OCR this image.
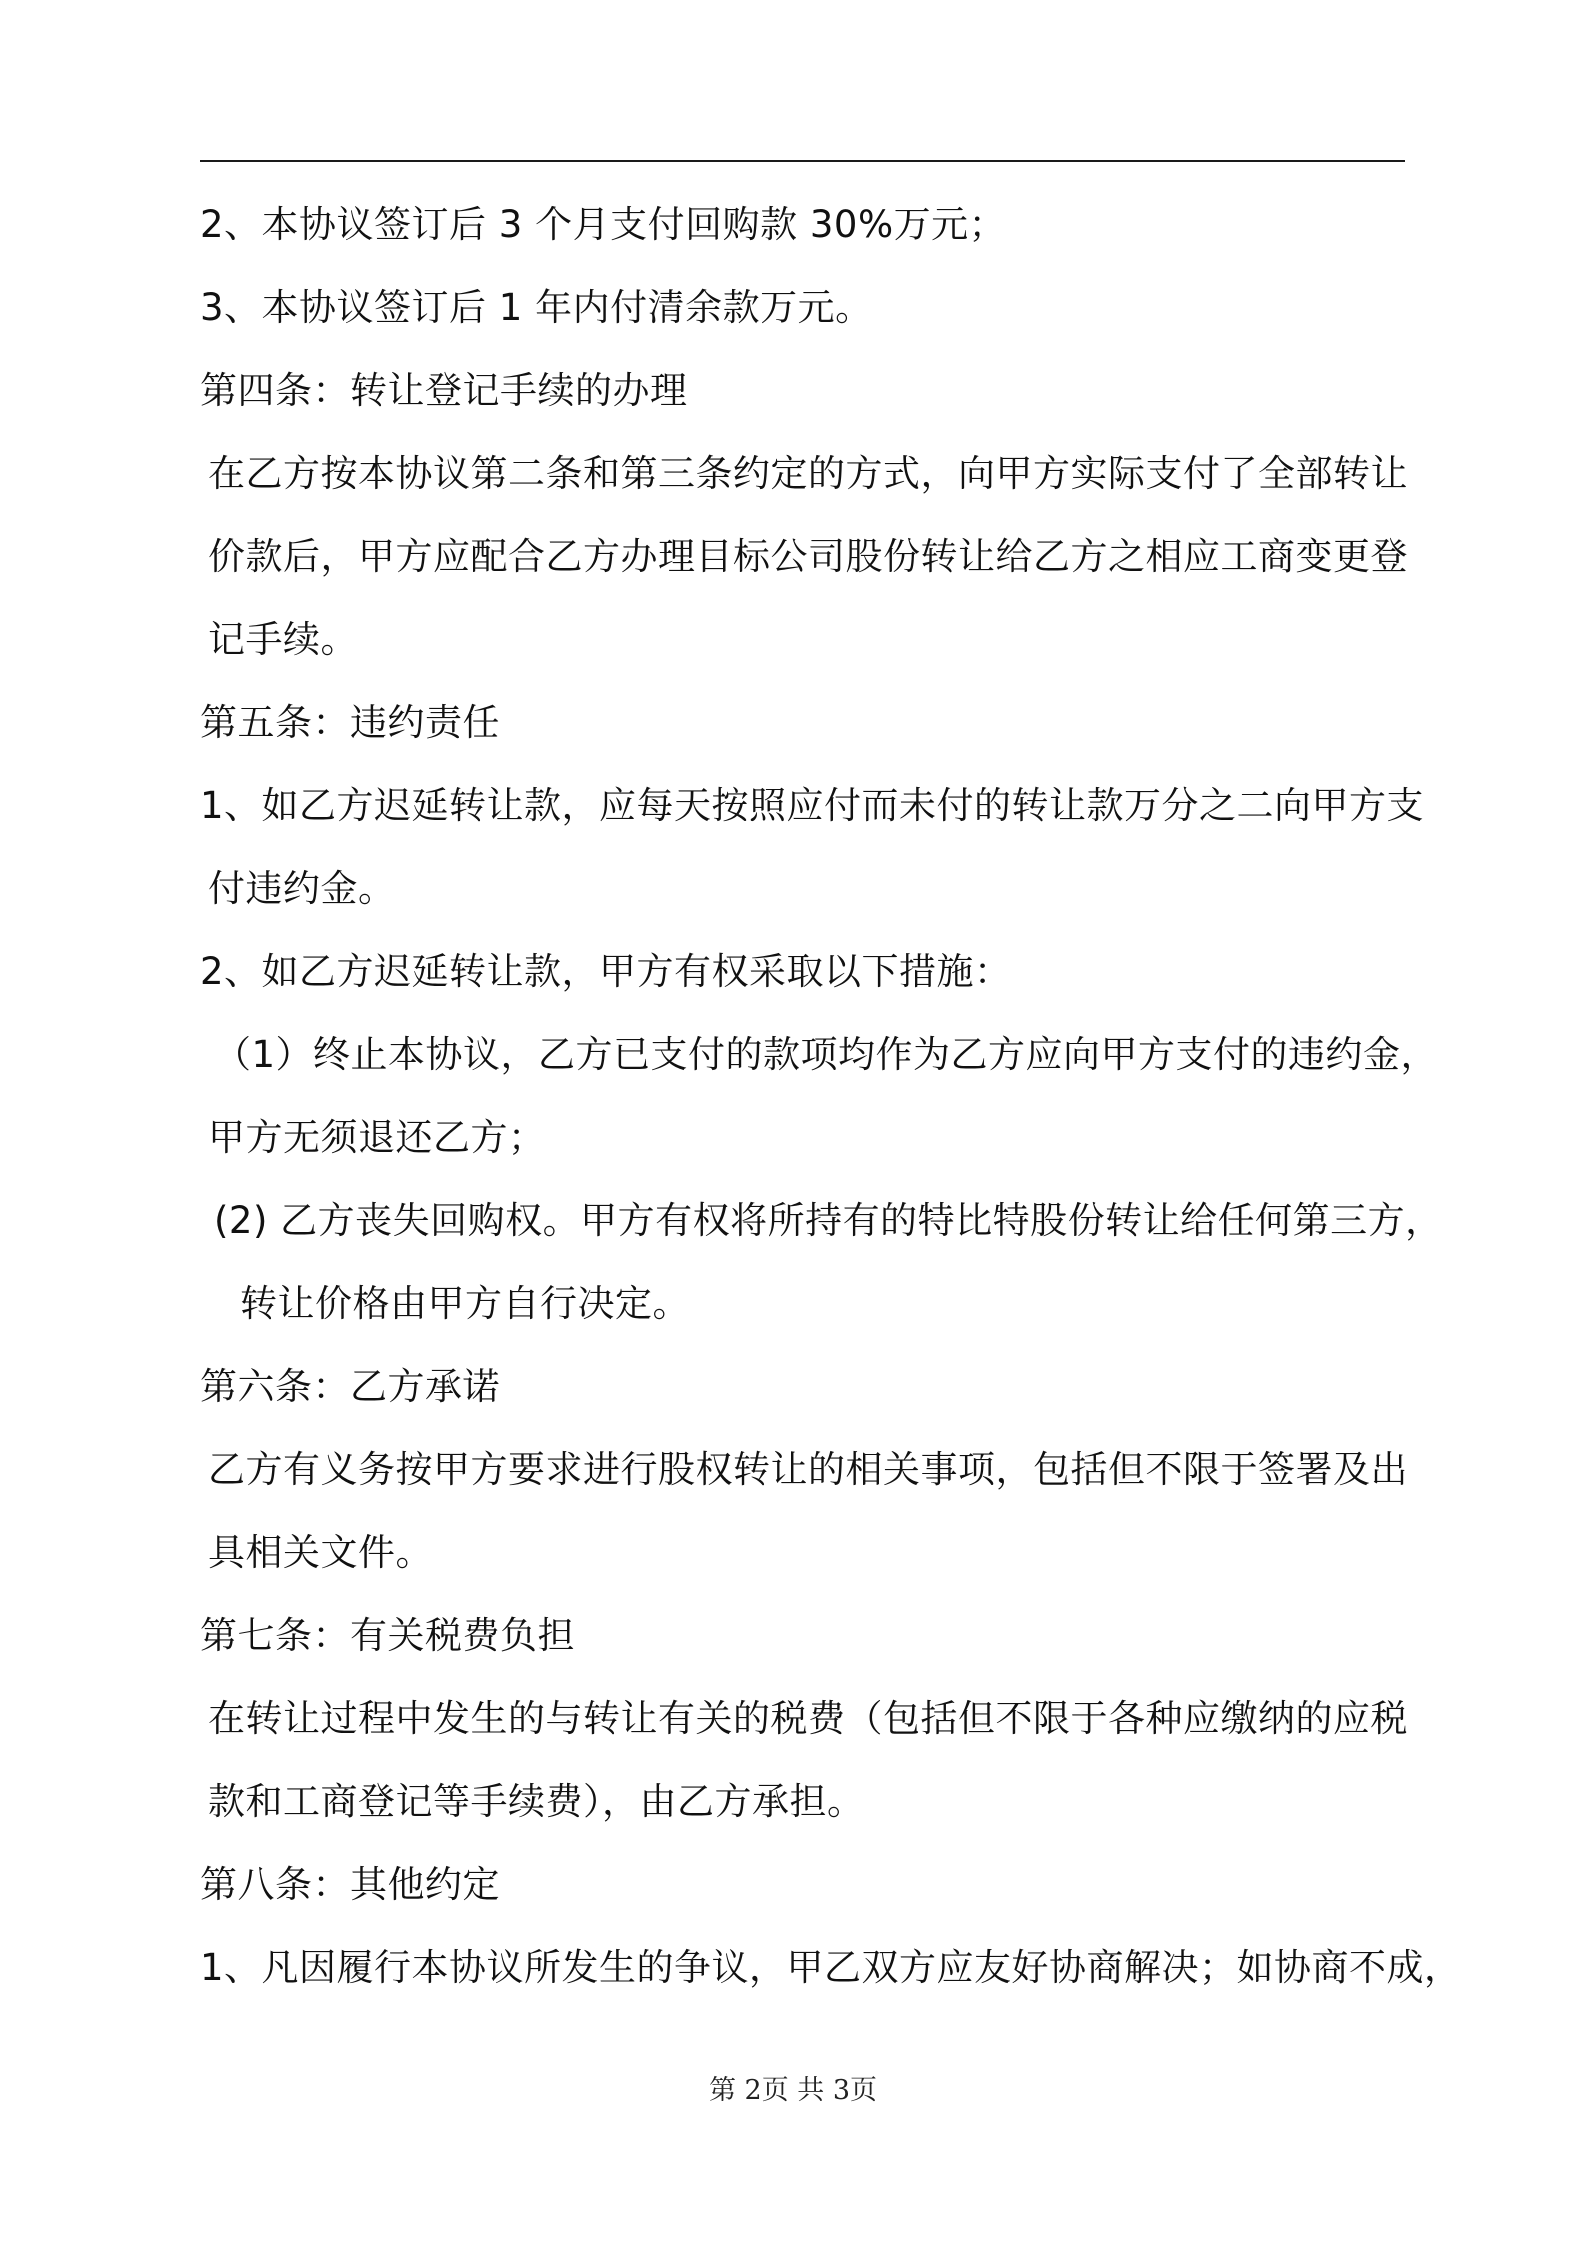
2、本协议签订后 3 个月支付回购款 30%万元；
3、本协议签订后 1 年内付清余款万元。
第四条：转让登记手续的办理
在乙方按本协议第二条和第三条约定的方式，向甲方实际支付了全部转让
价款后，甲方应配合乙方办理目标公司股份转让给乙方之相应工商变更登
记手续。
第五条：违约责任
1、如乙方迟延转让款，应每天按照应付而未付的转让款万分之二向甲方支
付违约金。
2、如乙方迟延转让款，甲方有权采取以下措施：
（1）终止本协议，乙方已支付的款项均作为乙方应向甲方支付的违约金，
甲方无须退还乙方；
(2) 乙方丧失回购权。甲方有权将所持有的特比特股份转让给任何第三方，
转让价格由甲方自行决定。
第六条：乙方承诺
乙方有义务按甲方要求进行股权转让的相关事项，包括但不限于签署及出
具相关文件。
第七条：有关税费负担
在转让过程中发生的与转让有关的税费（包括但不限于各种应缴纳的应税
款和工商登记等手续费），由乙方承担。
第八条：其他约定
1、凡因履行本协议所发生的争议，甲乙双方应友好协商解决；如协商不成，
第 2页 共 3页
